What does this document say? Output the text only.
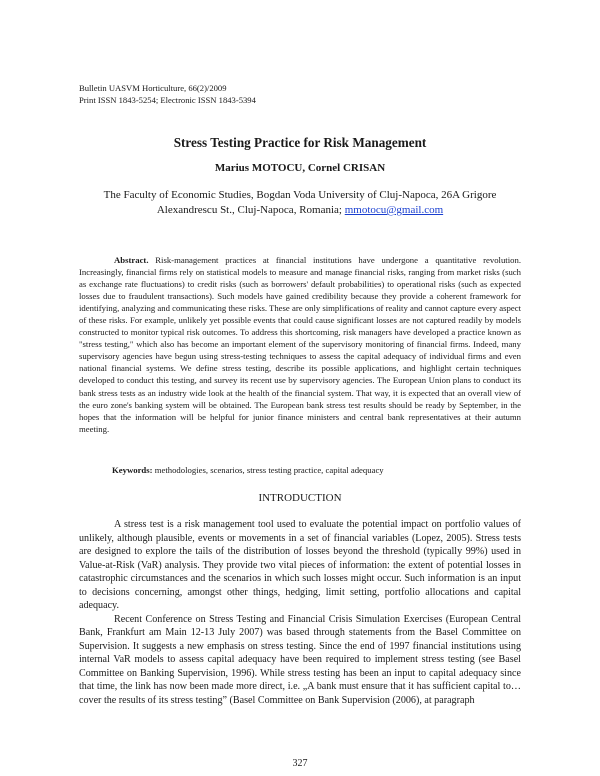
Bulletin UASVM Horticulture, 66(2)/2009
Print ISSN 1843-5254; Electronic ISSN 1843-5394
Stress Testing Practice for Risk Management
Marius MOTOCU, Cornel CRISAN
The Faculty of Economic Studies, Bogdan Voda University of Cluj-Napoca, 26A Grigore Alexandrescu St., Cluj-Napoca, Romania; mmotocu@gmail.com

Abstract. Risk-management practices at financial institutions have undergone a quantitative revolution. Increasingly, financial firms rely on statistical models to measure and manage financial risks, ranging from market risks (such as exchange rate fluctuations) to credit risks (such as borrowers' default probabilities) to operational risks (such as expected losses due to fraudulent transactions). Such models have gained credibility because they provide a coherent framework for identifying, analyzing and communicating these risks. These are only simplifications of reality and cannot capture every aspect of these risks. For example, unlikely yet possible events that could cause significant losses are not captured readily by models constructed to monitor typical risk outcomes. To address this shortcoming, risk managers have developed a practice known as "stress testing," which also has become an important element of the supervisory monitoring of financial firms. Indeed, many supervisory agencies have begun using stress-testing techniques to assess the capital adequacy of individual firms and even national financial systems. We define stress testing, describe its possible applications, and highlight certain techniques developed to conduct this testing, and survey its recent use by supervisory agencies. The European Union plans to conduct its bank stress tests as an industry wide look at the health of the financial system. That way, it is expected that an overall view of the euro zone's banking system will be obtained. The European bank stress test results should be ready by September, in the hopes that the information will be helpful for junior finance ministers and central bank representatives at their autumn meeting.

Keywords: methodologies, scenarios, stress testing practice, capital adequacy
INTRODUCTION

A stress test is a risk management tool used to evaluate the potential impact on portfolio values of unlikely, although plausible, events or movements in a set of financial variables (Lopez, 2005). Stress tests are designed to explore the tails of the distribution of losses beyond the threshold (typically 99%) used in Value-at-Risk (VaR) analysis. They provide two vital pieces of information: the extent of potential losses in catastrophic circumstances and the scenarios in which such losses might occur. Such information is an input to decisions concerning, amongst other things, hedging, limit setting, portfolio allocations and capital adequacy.

Recent Conference on Stress Testing and Financial Crisis Simulation Exercises (European Central Bank, Frankfurt am Main 12-13 July 2007) was based through statements from the Basel Committee on Supervision. It suggests a new emphasis on stress testing. Since the end of 1997 financial institutions using internal VaR models to assess capital adequacy have been required to implement stress testing (see Basel Committee on Banking Supervision, 1996). While stress testing has been an input to capital adequacy since that time, the link has now been made more direct, i.e. „A bank must ensure that it has sufficient capital to… cover the results of its stress testing” (Basel Committee on Bank Supervision (2006), at paragraph

327
